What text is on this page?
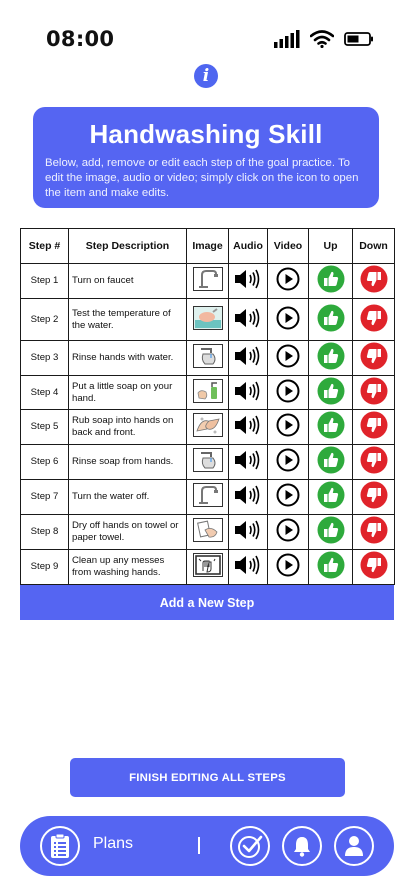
08:00
i
Handwashing Skill
Below, add, remove or edit each step of the goal practice. To edit the image, audio or video; simply click on the icon to open the item and make edits.
Step #	Step Description	Image	Audio	Video	Up	Down
Step 1	Turn on faucet					
Step 2	Test the temperature of the water.					
Step 3	Rinse hands with water.					
Step 4	Put a little soap on your hand.					
Step 5	Rub soap into hands on back and front.					
Step 6	Rinse soap from hands.					
Step 7	Turn the water off.					
Step 8	Dry off hands on towel or paper towel.					
Step 9	Clean up any messes from washing hands.					
Add a New Step
FINISH EDITING ALL STEPS
Plans
